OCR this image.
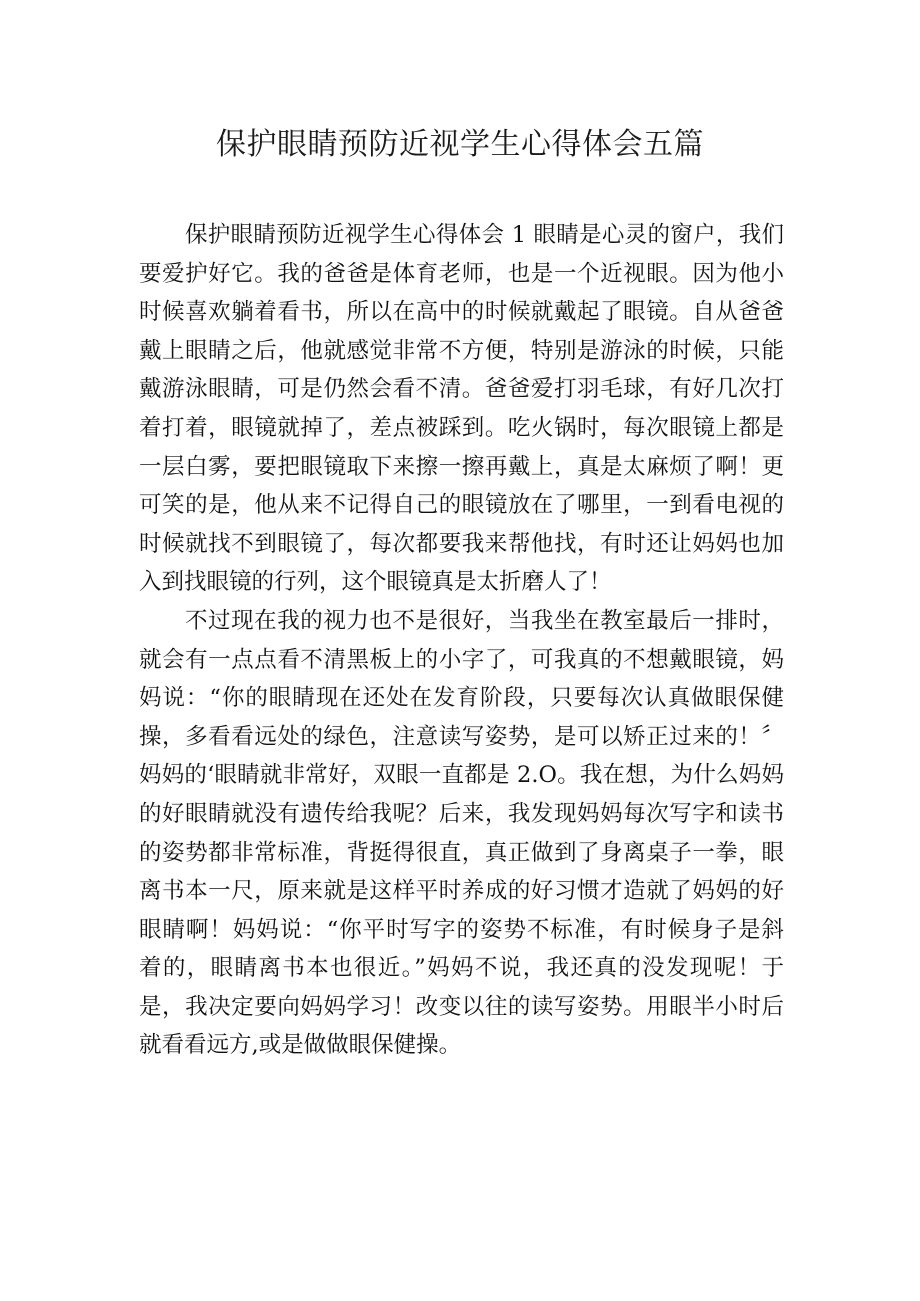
保护眼睛预防近视学生心得体会五篇
保护眼睛预防近视学生心得体会 1 眼睛是心灵的窗户，我们
要爱护好它。我的爸爸是体育老师，也是一个近视眼。因为他小
时候喜欢躺着看书，所以在高中的时候就戴起了眼镜。自从爸爸
戴上眼睛之后，他就感觉非常不方便，特别是游泳的时候，只能
戴游泳眼睛，可是仍然会看不清。爸爸爱打羽毛球，有好几次打
着打着，眼镜就掉了，差点被踩到。吃火锅时，每次眼镜上都是
一层白雾，要把眼镜取下来擦一擦再戴上，真是太麻烦了啊！更
可笑的是，他从来不记得自己的眼镜放在了哪里，一到看电视的
时候就找不到眼镜了，每次都要我来帮他找，有时还让妈妈也加
入到找眼镜的行列，这个眼镜真是太折磨人了！
不过现在我的视力也不是很好，当我坐在教室最后一排时，
就会有一点点看不清黑板上的小字了，可我真的不想戴眼镜，妈
妈说：“你的眼睛现在还处在发育阶段，只要每次认真做眼保健
操，多看看远处的绿色，注意读写姿势，是可以矫正过来的！〞
妈妈的‘眼睛就非常好，双眼一直都是 2.O。我在想，为什么妈妈
的好眼睛就没有遗传给我呢？后来，我发现妈妈每次写字和读书
的姿势都非常标准，背挺得很直，真正做到了身离桌子一拳，眼
离书本一尺，原来就是这样平时养成的好习惯才造就了妈妈的好
眼睛啊！妈妈说：“你平时写字的姿势不标准，有时候身子是斜
着的，眼睛离书本也很近。”妈妈不说，我还真的没发现呢！于
是，我决定要向妈妈学习！改变以往的读写姿势。用眼半小时后
就看看远方,或是做做眼保健操。
